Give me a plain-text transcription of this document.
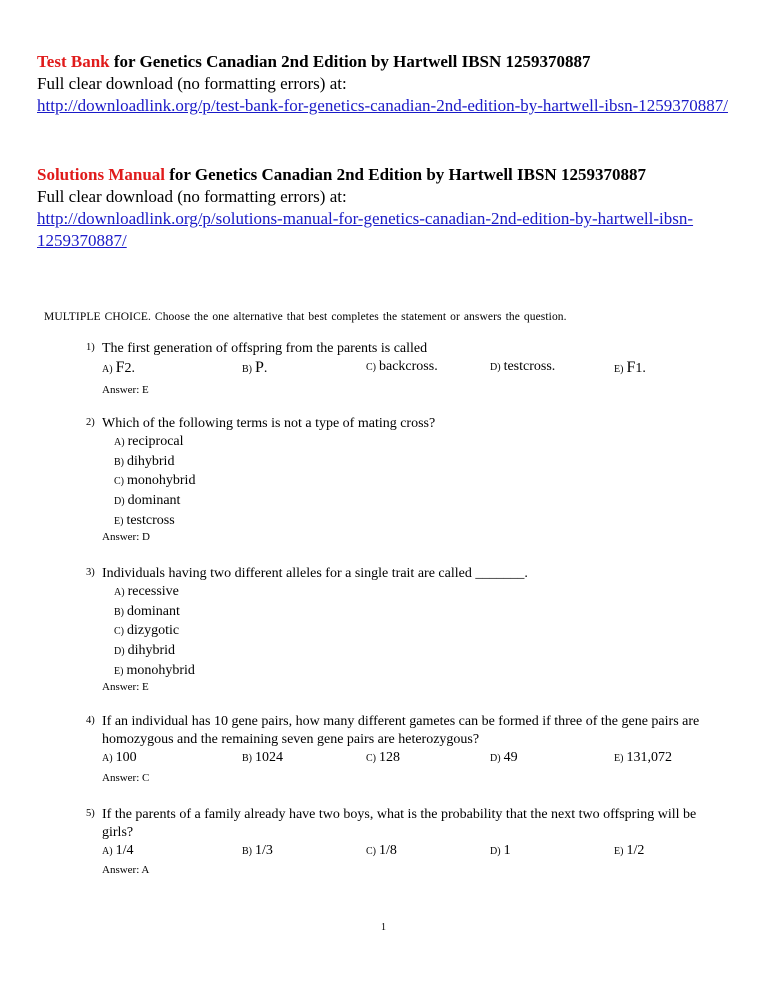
Test Bank for Genetics Canadian 2nd Edition by Hartwell IBSN 1259370887
Full clear download (no formatting errors) at:
http://downloadlink.org/p/test-bank-for-genetics-canadian-2nd-edition-by-hartwell-ibsn-1259370887/
Solutions Manual for Genetics Canadian 2nd Edition by Hartwell IBSN 1259370887
Full clear download (no formatting errors) at:
http://downloadlink.org/p/solutions-manual-for-genetics-canadian-2nd-edition-by-hartwell-ibsn-1259370887/
MULTIPLE CHOICE. Choose the one alternative that best completes the statement or answers the question.
1) The first generation of offspring from the parents is called
A) F2.	B) P.	C) backcross.	D) testcross.	E) F1.
Answer: E
2) Which of the following terms is not a type of mating cross?
A) reciprocal
B) dihybrid
C) monohybrid
D) dominant
E) testcross
Answer: D
3) Individuals having two different alleles for a single trait are called _______.
A) recessive
B) dominant
C) dizygotic
D) dihybrid
E) monohybrid
Answer: E
4) If an individual has 10 gene pairs, how many different gametes can be formed if three of the gene pairs are homozygous and the remaining seven gene pairs are heterozygous?
A) 100	B) 1024	C) 128	D) 49	E) 131,072
Answer: C
5) If the parents of a family already have two boys, what is the probability that the next two offspring will be girls?
A) 1/4	B) 1/3	C) 1/8	D) 1	E) 1/2
Answer: A
1
